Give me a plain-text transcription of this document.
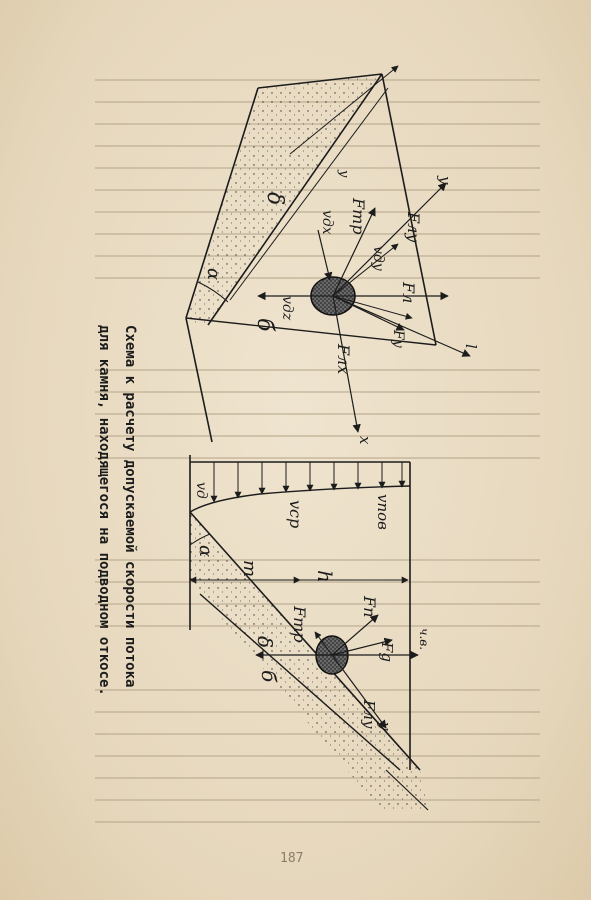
δ
α
б
y
y
l
x
Fтр Fлу
Fл
Fлх
Fy
vду
vдх
vдz
vд
vср	vпов
α
m	h
Fп
Fтр
Fg
ч.в.
δ
б
Fлу
y
Схема к расчету допускаемой скорости потока
для камня, находящегося на подводном откосе.
187
